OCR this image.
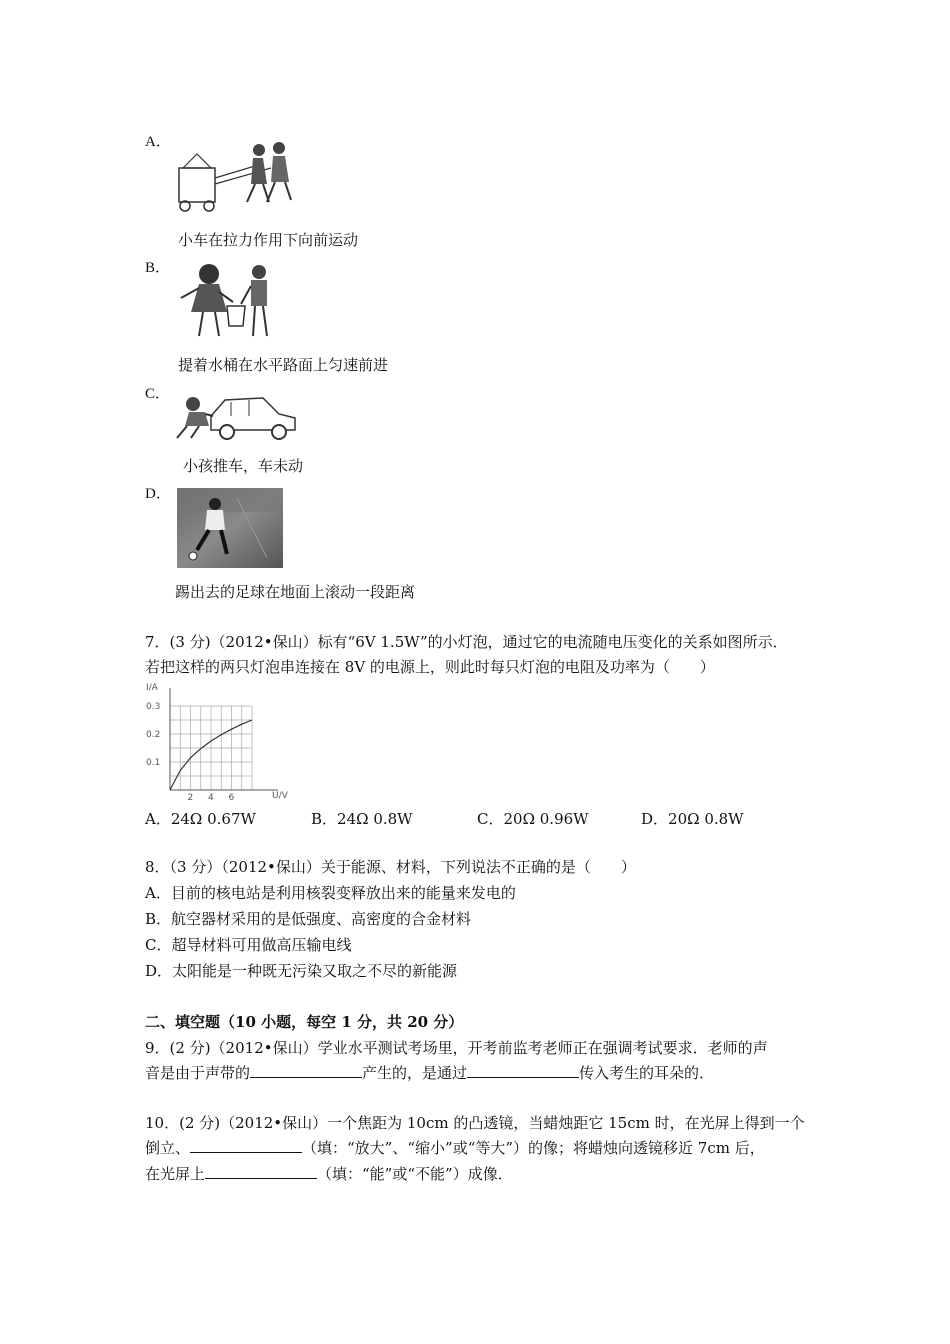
A．
小车在拉力作用下向前运动
B．
提着水桶在水平路面上匀速前进
C．
小孩推车，车未动
D．
踢出去的足球在地面上滚动一段距离
7．(3 分)（2012•保山）标有“6V 1.5W”的小灯泡，通过它的电流随电压变化的关系如图所示．
若把这样的两只灯泡串连接在 8V 的电源上，则此时每只灯泡的电阻及功率为（　　）
I/A
U/V
0.1
0.2
0.3
2 4 6
A．24Ω 0.67W	B．24Ω 0.8W	C．20Ω 0.96W	D．20Ω 0.8W
8．（3 分）（2012•保山）关于能源、材料，下列说法不正确的是（　　）
A．目前的核电站是利用核裂变释放出来的能量来发电的
B．航空器材采用的是低强度、高密度的合金材料
C．超导材料可用做高压输电线
D．太阳能是一种既无污染又取之不尽的新能源
二、填空题（10 小题，每空 1 分，共 20 分）
9．(2 分)（2012•保山）学业水平测试考场里，开考前监考老师正在强调考试要求．老师的声
音是由于声带的	产生的，是通过	传入考生的耳朵的．
10．(2 分)（2012•保山）一个焦距为 10cm 的凸透镜，当蜡烛距它 15cm 时，在光屏上得到一个
倒立、	（填：“放大”、“缩小”或“等大”）的像；将蜡烛向透镜移近 7cm 后，
在光屏上	（填：“能”或“不能”）成像．
